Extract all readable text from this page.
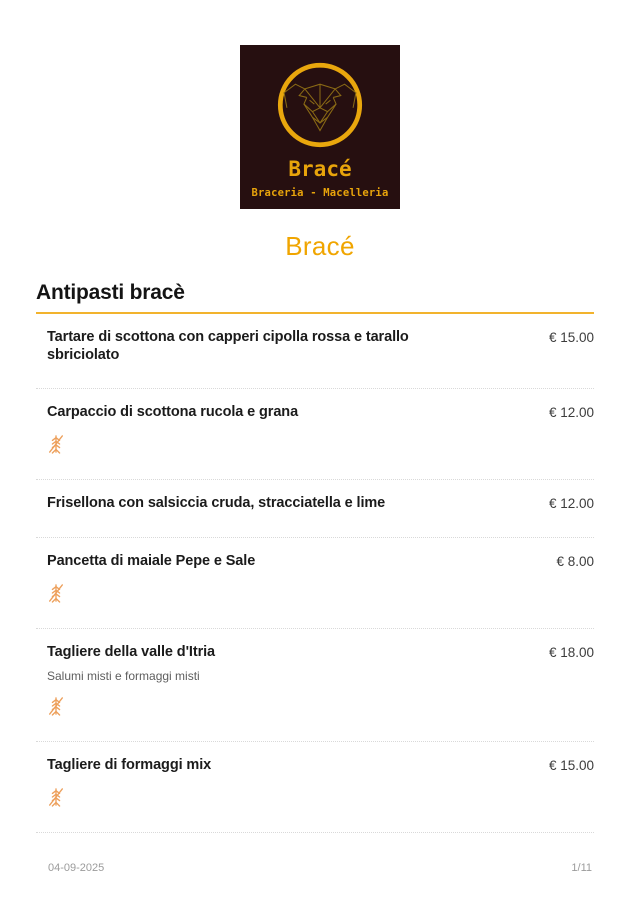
Bracé
Braceria - Macelleria
Bracé
Antipasti bracè
Tartare di scottona con capperi cipolla rossa e tarallo sbriciolato
€ 15.00
Carpaccio di scottona rucola e grana	€ 12.00
Frisellona con salsiccia cruda, stracciatella e lime	€ 12.00
Pancetta di maiale Pepe e Sale	€ 8.00
Tagliere della valle d'Itria	€ 18.00
Salumi misti e formaggi misti
Tagliere di formaggi mix	€ 15.00
04-09-2025	1/11
